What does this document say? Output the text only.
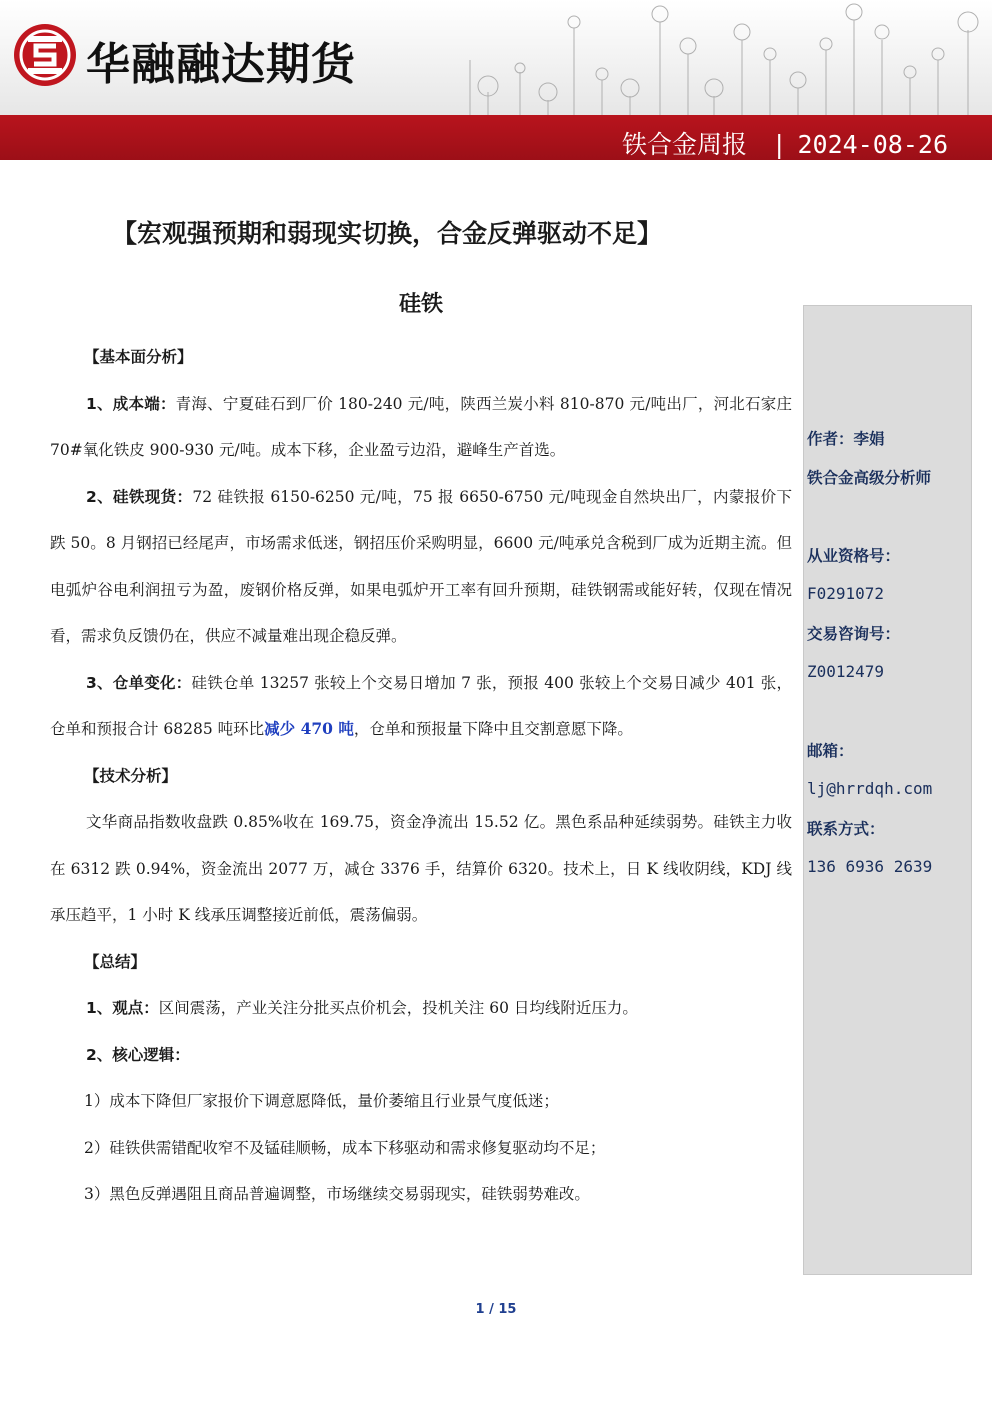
华融融达期货
铁合金周报 | 2024-08-26
【宏观强预期和弱现实切换，合金反弹驱动不足】
硅铁

【基本面分析】

1、成本端：青海、宁夏硅石到厂价 180-240 元/吨，陕西兰炭小料 810-870 元/吨出厂，河北石家庄 70#氧化铁皮 900-930 元/吨。成本下移，企业盈亏边沿，避峰生产首选。

2、硅铁现货：72 硅铁报 6150-6250 元/吨，75 报 6650-6750 元/吨现金自然块出厂，内蒙报价下跌 50。8 月钢招已经尾声，市场需求低迷，钢招压价采购明显，6600 元/吨承兑含税到厂成为近期主流。但电弧炉谷电利润扭亏为盈，废钢价格反弹，如果电弧炉开工率有回升预期，硅铁钢需或能好转，仅现在情况看，需求负反馈仍在，供应不减量难出现企稳反弹。

3、仓单变化：硅铁仓单 13257 张较上个交易日增加 7 张，预报 400 张较上个交易日减少 401 张，仓单和预报合计 68285 吨环比减少 470 吨，仓单和预报量下降中且交割意愿下降。

【技术分析】

文华商品指数收盘跌 0.85%收在 169.75，资金净流出 15.52 亿。黑色系品种延续弱势。硅铁主力收在 6312 跌 0.94%，资金流出 2077 万，减仓 3376 手，结算价 6320。技术上，日 K 线收阴线，KDJ 线承压趋平，1 小时 K 线承压调整接近前低，震荡偏弱。

【总结】

1、观点：区间震荡，产业关注分批买点价机会，投机关注 60 日均线附近压力。

2、核心逻辑：

1）成本下降但厂家报价下调意愿降低，量价萎缩且行业景气度低迷；

2）硅铁供需错配收窄不及锰硅顺畅，成本下移驱动和需求修复驱动均不足；

3）黑色反弹遇阻且商品普遍调整，市场继续交易弱现实，硅铁弱势难改。

作者：李娟
铁合金高级分析师
从业资格号：
F0291072
交易咨询号：
Z0012479
邮箱：
lj@hrrdqh.com
联系方式：
136 6936 2639
1 / 15
